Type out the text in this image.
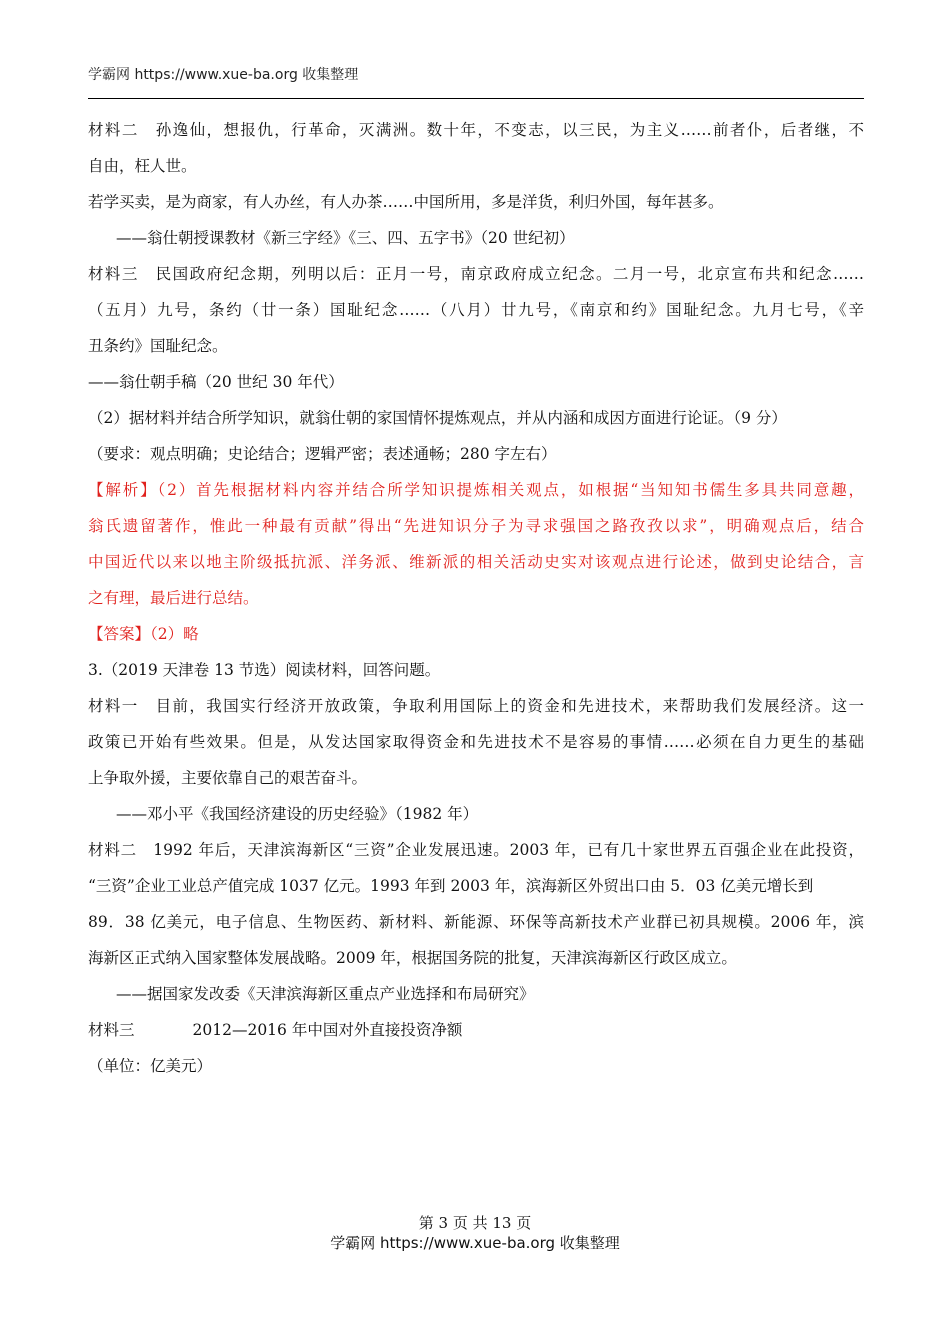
学霸网 https://www.xue-ba.org 收集整理
材料二　孙逸仙，想报仇，行革命，灭满洲。数十年，不变志，以三民，为主义……前者仆，后者继，不
自由，枉人世。
若学买卖，是为商家，有人办丝，有人办茶……中国所用，多是洋货，利归外国，每年甚多。
——翁仕朝授课教材《新三字经》《三、四、五字书》（20 世纪初）
材料三　民国政府纪念期，列明以后：正月一号，南京政府成立纪念。二月一号，北京宣布共和纪念……
（五月）九号，条约（廿一条）国耻纪念……（八月）廿九号，《南京和约》国耻纪念。九月七号，《辛
丑条约》国耻纪念。
——翁仕朝手稿（20 世纪 30 年代）
（2）据材料并结合所学知识，就翁仕朝的家国情怀提炼观点，并从内涵和成因方面进行论证。（9 分）
（要求：观点明确；史论结合；逻辑严密；表述通畅；280 字左右）
【解析】（2）首先根据材料内容并结合所学知识提炼相关观点，如根据“当知知书儒生多具共同意趣，
翁氏遗留著作，惟此一种最有贡献”得出“先进知识分子为寻求强国之路孜孜以求”，明确观点后，结合
中国近代以来以地主阶级抵抗派、洋务派、维新派的相关活动史实对该观点进行论述，做到史论结合，言
之有理，最后进行总结。
【答案】（2）略
3.（2019 天津卷 13 节选）阅读材料，回答问题。
材料一　目前，我国实行经济开放政策，争取利用国际上的资金和先进技术，来帮助我们发展经济。这一
政策已开始有些效果。但是，从发达国家取得资金和先进技术不是容易的事情……必须在自力更生的基础
上争取外援，主要依靠自己的艰苦奋斗。
——邓小平《我国经济建设的历史经验》（1982 年）
材料二　1992 年后，天津滨海新区“三资”企业发展迅速。2003 年，已有几十家世界五百强企业在此投资，
“三资”企业工业总产值完成 1037 亿元。1993 年到 2003 年，滨海新区外贸出口由 5．03 亿美元增长到
89．38 亿美元，电子信息、生物医药、新材料、新能源、环保等高新技术产业群已初具规模。2006 年，滨
海新区正式纳入国家整体发展战略。2009 年，根据国务院的批复，天津滨海新区行政区成立。
——据国家发改委《天津滨海新区重点产业选择和布局研究》
材料三	2012—2016 年中国对外直接投资净额
（单位：亿美元）
第 3 页 共 13 页
学霸网 https://www.xue-ba.org 收集整理
